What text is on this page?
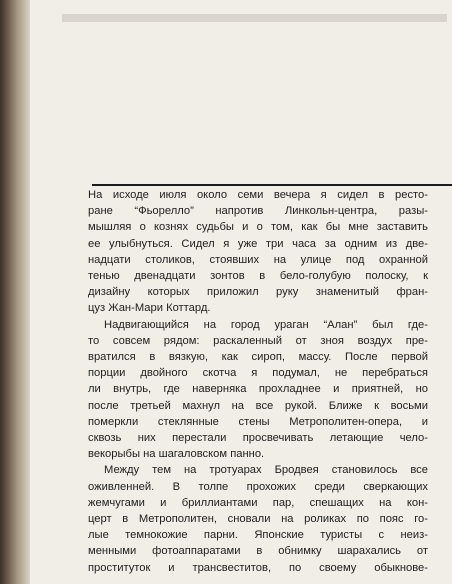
На исходе июля около семи вечера я сидел в ресто-
ране “Фьорелло” напротив Линкольн-центра, разы-
мышляя о кознях судьбы и о том, как бы мне заставить
ее улыбнуться. Сидел я уже три часа за одним из две-
надцати столиков, стоявших на улице под охранной
тенью двенадцати зонтов в бело-голубую полоску, к
дизайну которых приложил руку знаменитый фран-
цуз Жан-Мари Коттард.
Надвигающийся на город ураган “Алан” был где-
то совсем рядом: раскаленный от зноя воздух пре-
вратился в вязкую, как сироп, массу. После первой
порции двойного скотча я подумал, не перебраться
ли внутрь, где наверняка прохладнее и приятней, но
после третьей махнул на все рукой. Ближе к восьми
померкли стеклянные стены Метрополитен-опера, и
сквозь них перестали просвечивать летающие чело-
векорыбы на шагаловском панно.
Между тем на тротуарах Бродвея становилось все
оживленней. В толпе прохожих среди сверкающих
жемчугами и бриллиантами пар, спешащих на кон-
церт в Метрополитен, сновали на роликах по пояс го-
лые темнокожие парни. Японские туристы с неиз-
менными фотоаппаратами в обнимку шарахались от
проституток и трансвеститов, по своему обыкнове-
